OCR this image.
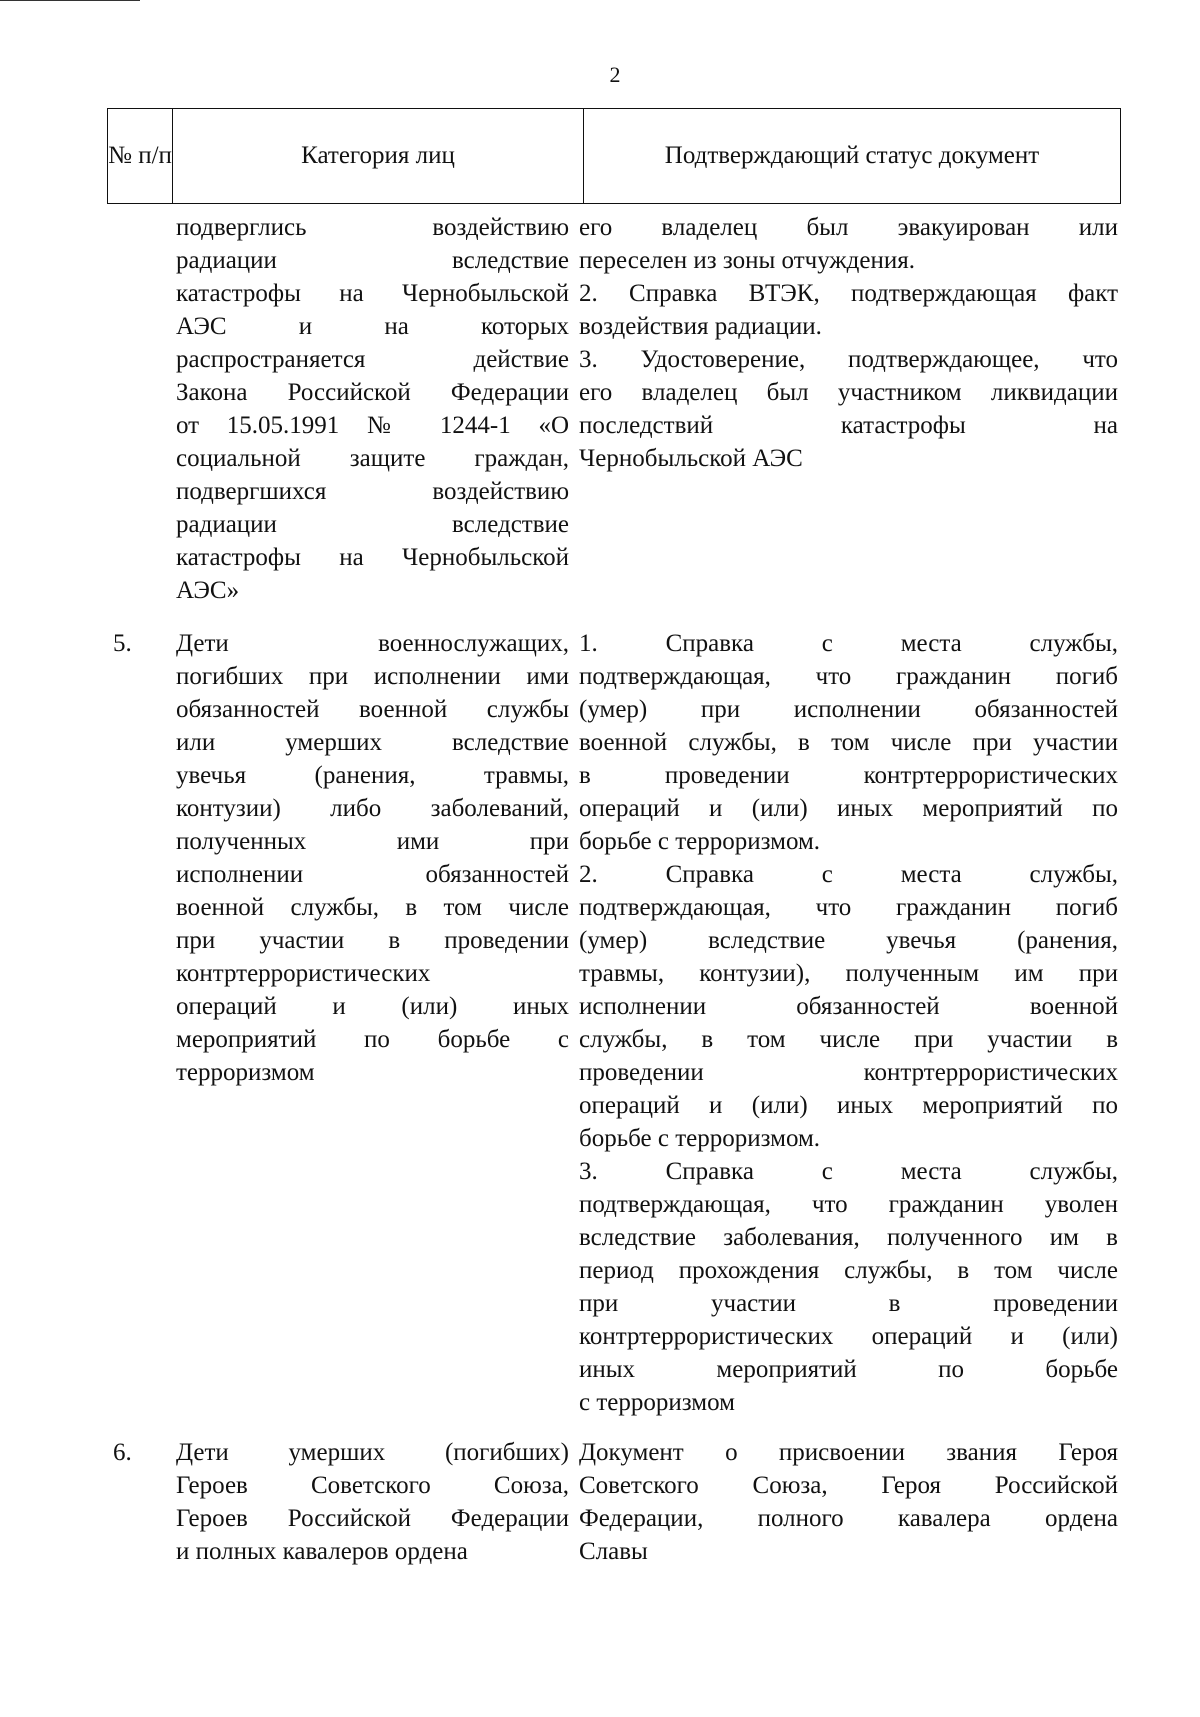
2
№ п/п	Категория лиц	Подтверждающий статус документ
подверглись воздействию
радиации вследствие
катастрофы на Чернобыльской
АЭС и на которых
распространяется действие
Закона Российской Федерации
от 15.05.1991 № 1244-1 «О
социальной защите граждан,
подвергшихся воздействию
радиации вследствие
катастрофы на Чернобыльской
АЭС»
его владелец был эвакуирован или
переселен из зоны отчуждения.
2. Справка ВТЭК, подтверждающая факт
воздействия радиации.
3. Удостоверение, подтверждающее, что
его владелец был участником ликвидации
последствий катастрофы на
Чернобыльской АЭС
5. Дети военнослужащих,
погибших при исполнении ими
обязанностей военной службы
или умерших вследствие
увечья (ранения, травмы,
контузии) либо заболеваний,
полученных ими при
исполнении обязанностей
военной службы, в том числе
при участии в проведении
контртеррористических
операций и (или) иных
мероприятий по борьбе с
терроризмом
1. Справка с места службы,
подтверждающая, что гражданин погиб
(умер) при исполнении обязанностей
военной службы, в том числе при участии
в проведении контртеррористических
операций и (или) иных мероприятий по
борьбе с терроризмом.
2. Справка с места службы,
подтверждающая, что гражданин погиб
(умер) вследствие увечья (ранения,
травмы, контузии), полученным им при
исполнении обязанностей военной
службы, в том числе при участии в
проведении контртеррористических
операций и (или) иных мероприятий по
борьбе с терроризмом.
3. Справка с места службы,
подтверждающая, что гражданин уволен
вследствие заболевания, полученного им в
период прохождения службы, в том числе
при участии в проведении
контртеррористических операций и (или)
иных мероприятий по борьбе
с терроризмом
6. Дети умерших (погибших)
Героев Советского Союза,
Героев Российской Федерации
и полных кавалеров ордена
Документ о присвоении звания Героя
Советского Союза, Героя Российской
Федерации, полного кавалера ордена
Славы
